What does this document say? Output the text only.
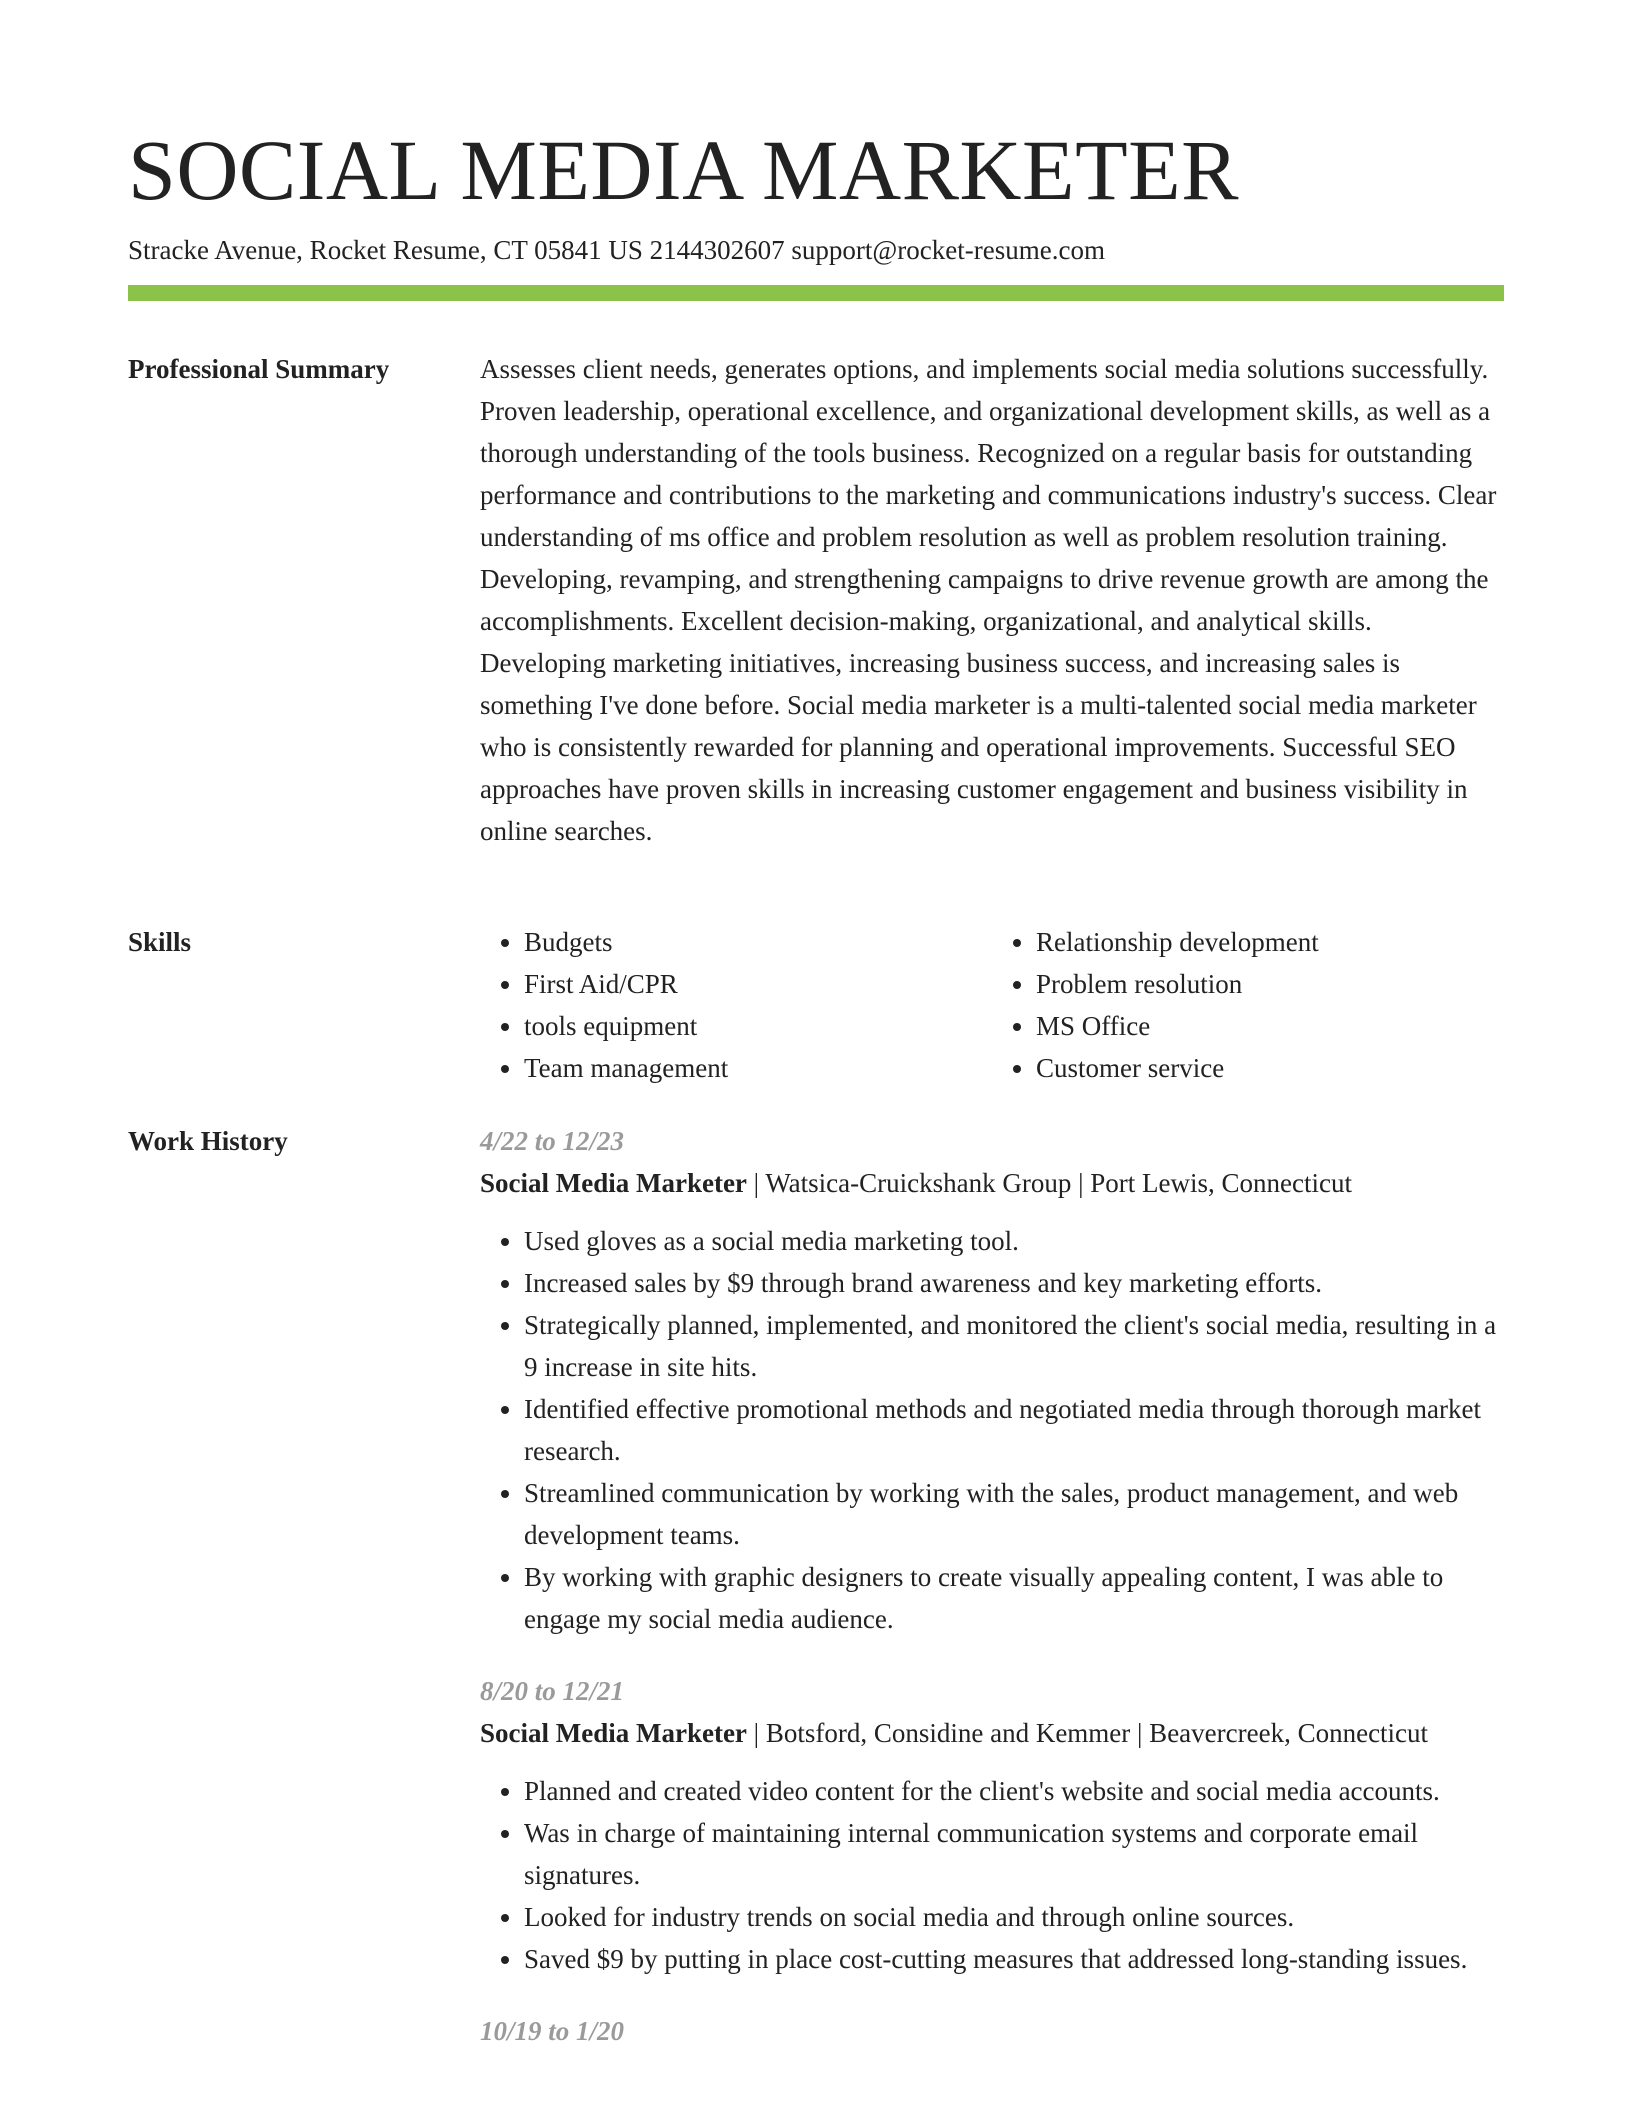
SOCIAL MEDIA MARKETER
Stracke Avenue, Rocket Resume, CT 05841 US 2144302607 support@rocket-resume.com
Professional Summary	Assesses client needs, generates options, and implements social media solutions successfully. Proven leadership, operational excellence, and organizational development skills, as well as a thorough understanding of the tools business. Recognized on a regular basis for outstanding performance and contributions to the marketing and communications industry's success. Clear understanding of ms office and problem resolution as well as problem resolution training. Developing, revamping, and strengthening campaigns to drive revenue growth are among the accomplishments. Excellent decision-making, organizational, and analytical skills. Developing marketing initiatives, increasing business success, and increasing sales is something I've done before. Social media marketer is a multi-talented social media marketer who is consistently rewarded for planning and operational improvements. Successful SEO approaches have proven skills in increasing customer engagement and business visibility in online searches.

Skills
•	Budgets
• First Aid/CPR
• tools equipment
• Team management
• Relationship development
• Problem resolution
• MS Office
• Customer service
Work History	4/22 to 12/23
Social Media Marketer | Watsica-Cruickshank Group | Port Lewis, Connecticut
• Used gloves as a social media marketing tool.
• Increased sales by $9 through brand awareness and key marketing efforts.
• Strategically planned, implemented, and monitored the client's social media, resulting in a 9 increase in site hits.
• Identified effective promotional methods and negotiated media through thorough market research.
• Streamlined communication by working with the sales, product management, and web development teams.
• By working with graphic designers to create visually appealing content, I was able to engage my social media audience.
8/20 to 12/21
Social Media Marketer | Botsford, Considine and Kemmer | Beavercreek, Connecticut
• Planned and created video content for the client's website and social media accounts.
• Was in charge of maintaining internal communication systems and corporate email signatures.
• Looked for industry trends on social media and through online sources.
• Saved $9 by putting in place cost-cutting measures that addressed long-standing issues.
10/19 to 1/20
